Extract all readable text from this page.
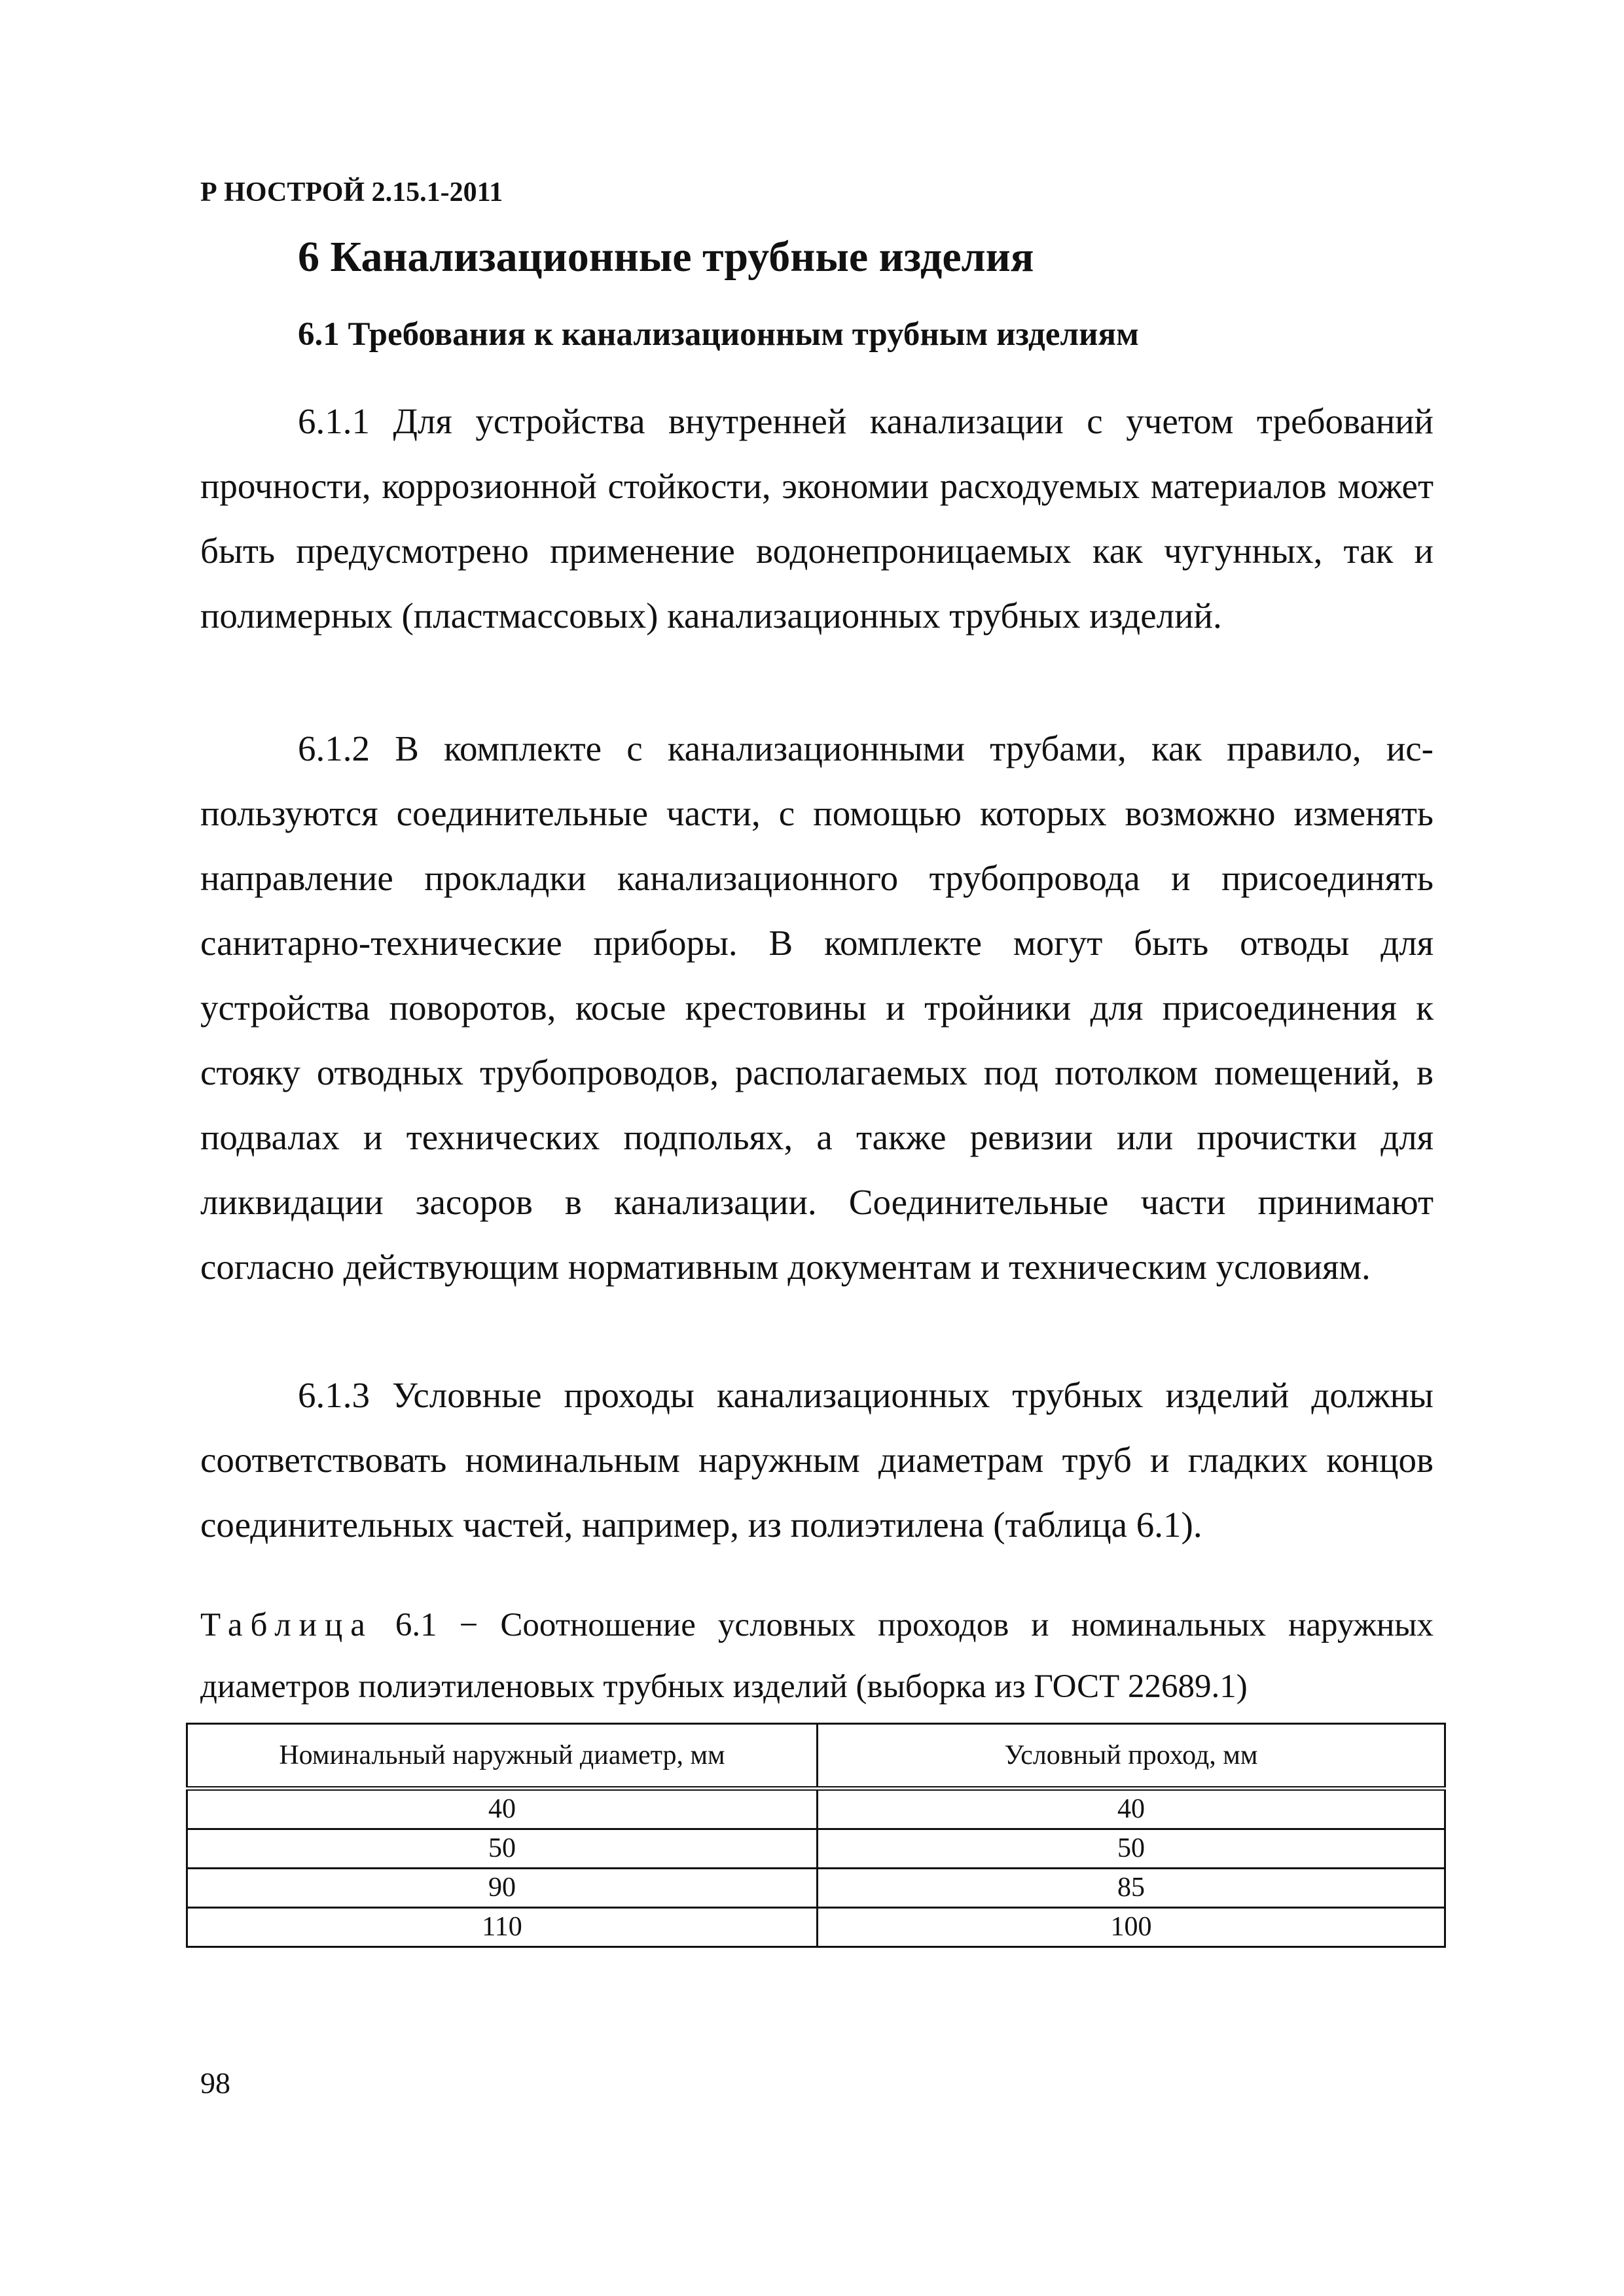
Р НОСТРОЙ 2.15.1-2011
6 Канализационные трубные изделия
6.1 Требования к канализационным трубным изделиям

6.1.1 Для устройства внутренней канализации с учетом требований прочности, коррозионной стойкости, экономии расходуемых материалов может быть предусмотрено применение водонепроницаемых как чугунных, так и полимерных (пластмассовых) канализационных трубных изделий.

6.1.2 В комплекте с канализационными трубами, как правило, используются соединительные части, с помощью которых возможно изменять направление прокладки канализационного трубопровода и присоединять санитарно-технические приборы. В комплекте могут быть отводы для устройства поворотов, косые крестовины и тройники для присоединения к стояку отводных трубопроводов, располагаемых под потолком помещений, в подвалах и технических подпольях, а также ревизии или прочистки для ликвидации засоров в канализации. Соединительные части принимают согласно действующим нормативным документам и техническим условиям.

6.1.3 Условные проходы канализационных трубных изделий должны соответствовать номинальным наружным диаметрам труб и гладких концов соединительных частей, например, из полиэтилена (таблица 6.1).

Таблица 6.1 − Соотношение условных проходов и номинальных наружных диаметров полиэтиленовых трубных изделий (выборка из ГОСТ 22689.1)
Номинальный наружный диаметр, мм	Условный проход, мм
40	40
50	50
90	85
110	100
98
